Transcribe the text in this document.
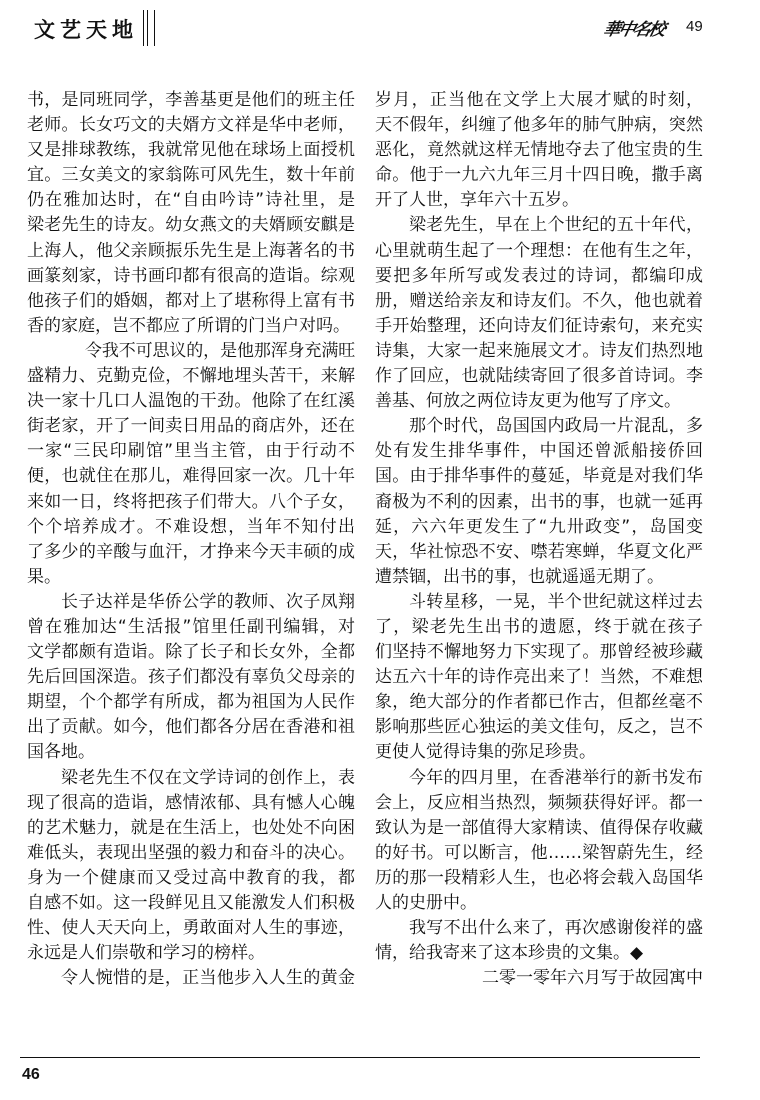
文艺天地	華中名校 49
书，是同班同学，李善基更是他们的班主任
老师。长女巧文的夫婿方文祥是华中老师，
又是排球教练，我就常见他在球场上面授机
宜。三女美文的家翁陈可风先生，数十年前
仍在雅加达时，在“自由吟诗”诗社里，是
梁老先生的诗友。幼女燕文的夫婿顾安麒是
上海人，他父亲顾振乐先生是上海著名的书
画篆刻家，诗书画印都有很高的造诣。综观
他孩子们的婚姻，都对上了堪称得上富有书
香的家庭，岂不都应了所谓的门当户对吗。
令我不可思议的，是他那浑身充满旺
盛精力、克勤克俭，不懈地埋头苦干，来解
决一家十几口人温饱的干劲。他除了在红溪
街老家，开了一间卖日用品的商店外，还在
一家“三民印刷馆”里当主管，由于行动不
便，也就住在那儿，难得回家一次。几十年
来如一日，终将把孩子们带大。八个子女，
个个培养成才。不难设想，当年不知付出
了多少的辛酸与血汗，才挣来今天丰硕的成
果。
长子达祥是华侨公学的教师、次子凤翔
曾在雅加达“生活报”馆里任副刊编辑，对
文学都颇有造诣。除了长子和长女外，全都
先后回国深造。孩子们都没有辜负父母亲的
期望，个个都学有所成，都为祖国为人民作
出了贡献。如今，他们都各分居在香港和祖
国各地。
梁老先生不仅在文学诗词的创作上，表
现了很高的造诣，感情浓郁、具有憾人心魄
的艺术魅力，就是在生活上，也处处不向困
难低头，表现出坚强的毅力和奋斗的决心。
身为一个健康而又受过高中教育的我，都
自感不如。这一段鲜见且又能激发人们积极
性、使人天天向上，勇敢面对人生的事迹，
永远是人们崇敬和学习的榜样。
令人惋惜的是，正当他步入人生的黄金
岁月，正当他在文学上大展才赋的时刻，
天不假年，纠缠了他多年的肺气肿病，突然
恶化，竟然就这样无情地夺去了他宝贵的生
命。他于一九六九年三月十四日晚，撒手离
开了人世，享年六十五岁。
梁老先生，早在上个世纪的五十年代，
心里就萌生起了一个理想：在他有生之年，
要把多年所写或发表过的诗词，都编印成
册，赠送给亲友和诗友们。不久，他也就着
手开始整理，还向诗友们征诗索句，来充实
诗集，大家一起来施展文才。诗友们热烈地
作了回应，也就陆续寄回了很多首诗词。李
善基、何放之两位诗友更为他写了序文。
那个时代，岛国国内政局一片混乱，多
处有发生排华事件，中国还曾派船接侨回
国。由于排华事件的蔓延，毕竟是对我们华
裔极为不利的因素，出书的事，也就一延再
延，六六年更发生了“九卅政变”，岛国变
天，华社惊恐不安、噤若寒蝉，华夏文化严
遭禁锢，出书的事，也就遥遥无期了。
斗转星移，一晃，半个世纪就这样过去
了，梁老先生出书的遗愿，终于就在孩子
们坚持不懈地努力下实现了。那曾经被珍藏
达五六十年的诗作亮出来了！当然，不难想
象，绝大部分的作者都已作古，但都丝毫不
影响那些匠心独运的美文佳句，反之，岂不
更使人觉得诗集的弥足珍贵。
今年的四月里，在香港举行的新书发布
会上，反应相当热烈，频频获得好评。都一
致认为是一部值得大家精读、值得保存收藏
的好书。可以断言，他……梁智蔚先生，经
历的那一段精彩人生，也必将会载入岛国华
人的史册中。
我写不出什么来了，再次感谢俊祥的盛
情，给我寄来了这本珍贵的文集。◆
二零一零年六月写于故园寓中
46
